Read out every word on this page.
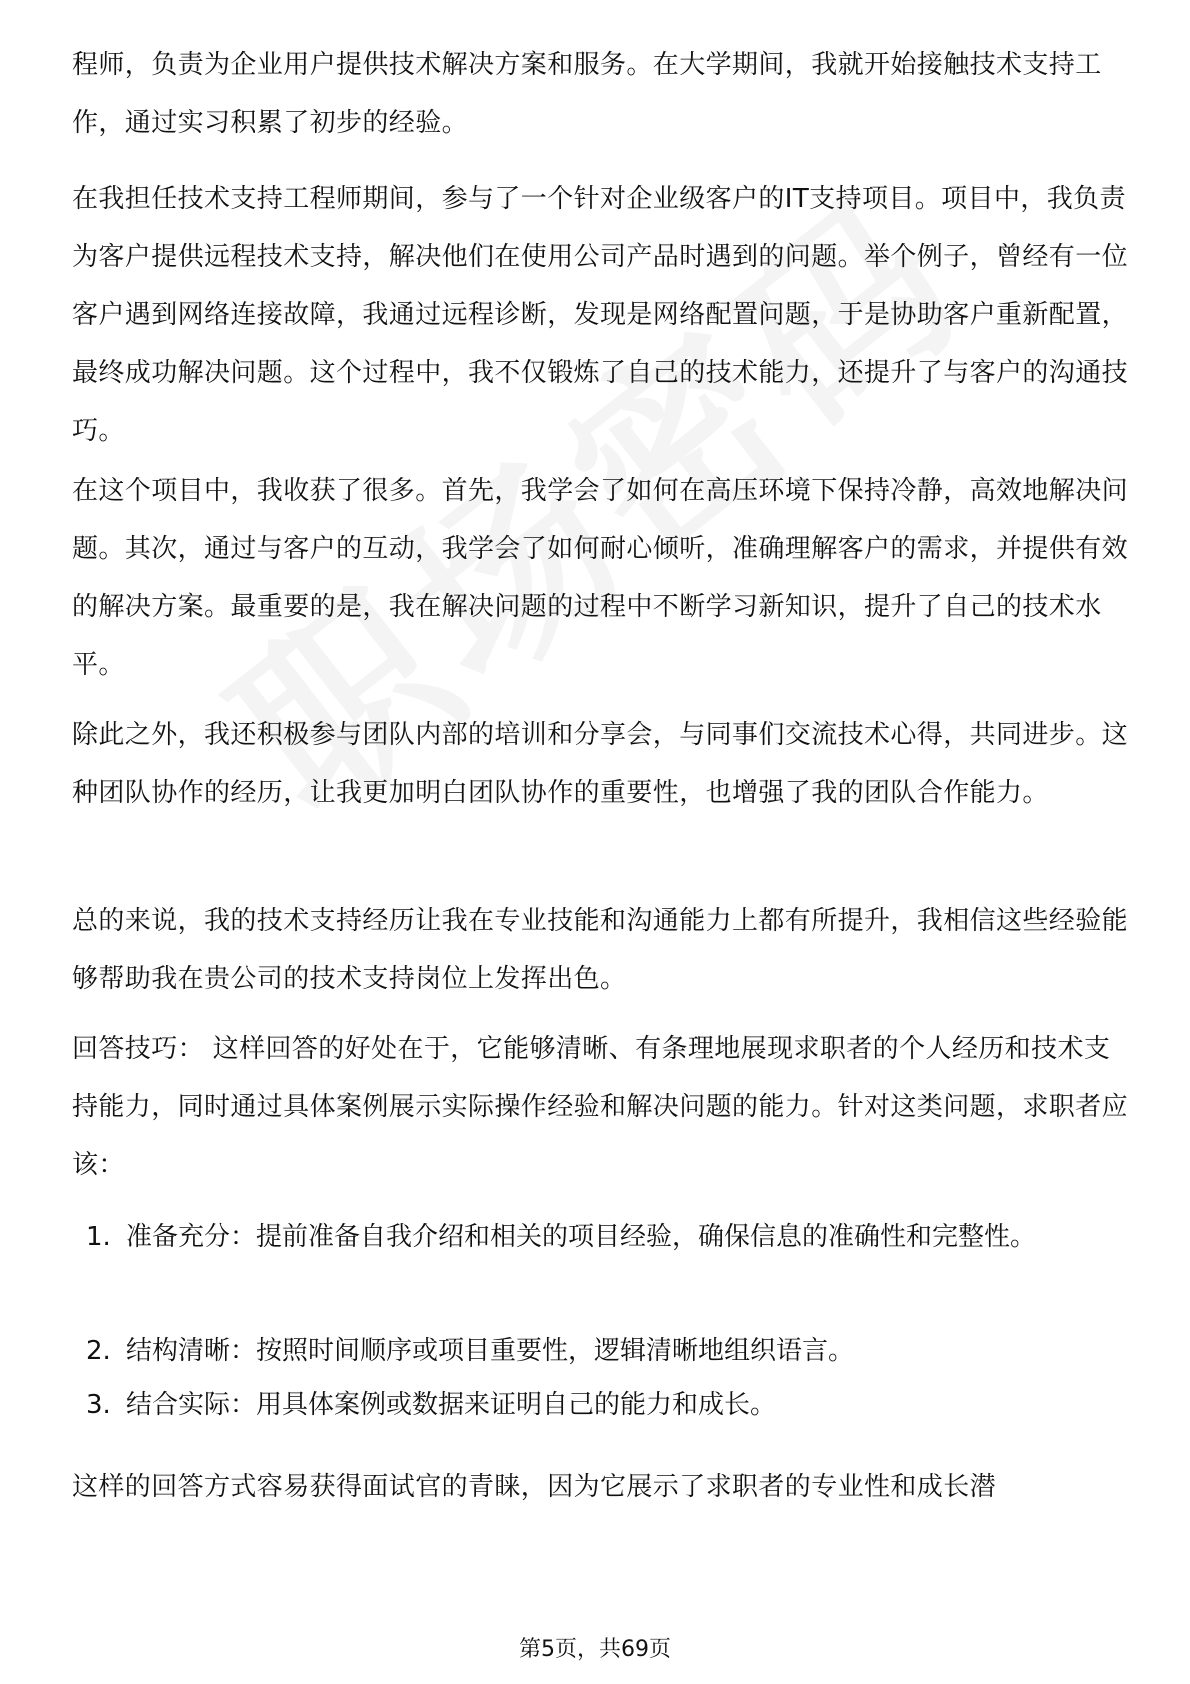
程师，负责为企业用户提供技术解决方案和服务。在大学期间，我就开始接触技术支持工作，通过实习积累了初步的经验。

在我担任技术支持工程师期间，参与了一个针对企业级客户的IT支持项目。项目中，我负责为客户提供远程技术支持，解决他们在使用公司产品时遇到的问题。举个例子，曾经有一位客户遇到网络连接故障，我通过远程诊断，发现是网络配置问题，于是协助客户重新配置，最终成功解决问题。这个过程中，我不仅锻炼了自己的技术能力，还提升了与客户的沟通技巧。

在这个项目中，我收获了很多。首先，我学会了如何在高压环境下保持冷静，高效地解决问题。其次，通过与客户的互动，我学会了如何耐心倾听，准确理解客户的需求，并提供有效的解决方案。最重要的是，我在解决问题的过程中不断学习新知识，提升了自己的技术水平。

除此之外，我还积极参与团队内部的培训和分享会，与同事们交流技术心得，共同进步。这种团队协作的经历，让我更加明白团队协作的重要性，也增强了我的团队合作能力。

总的来说，我的技术支持经历让我在专业技能和沟通能力上都有所提升，我相信这些经验能够帮助我在贵公司的技术支持岗位上发挥出色。

回答技巧： 这样回答的好处在于，它能够清晰、有条理地展现求职者的个人经历和技术支持能力，同时通过具体案例展示实际操作经验和解决问题的能力。针对这类问题，求职者应该：

1. 准备充分：提前准备自我介绍和相关的项目经验，确保信息的准确性和完整性。
2. 结构清晰：按照时间顺序或项目重要性，逻辑清晰地组织语言。
3. 结合实际：用具体案例或数据来证明自己的能力和成长。

这样的回答方式容易获得面试官的青睐，因为它展示了求职者的专业性和成长潜

第5页，共69页
